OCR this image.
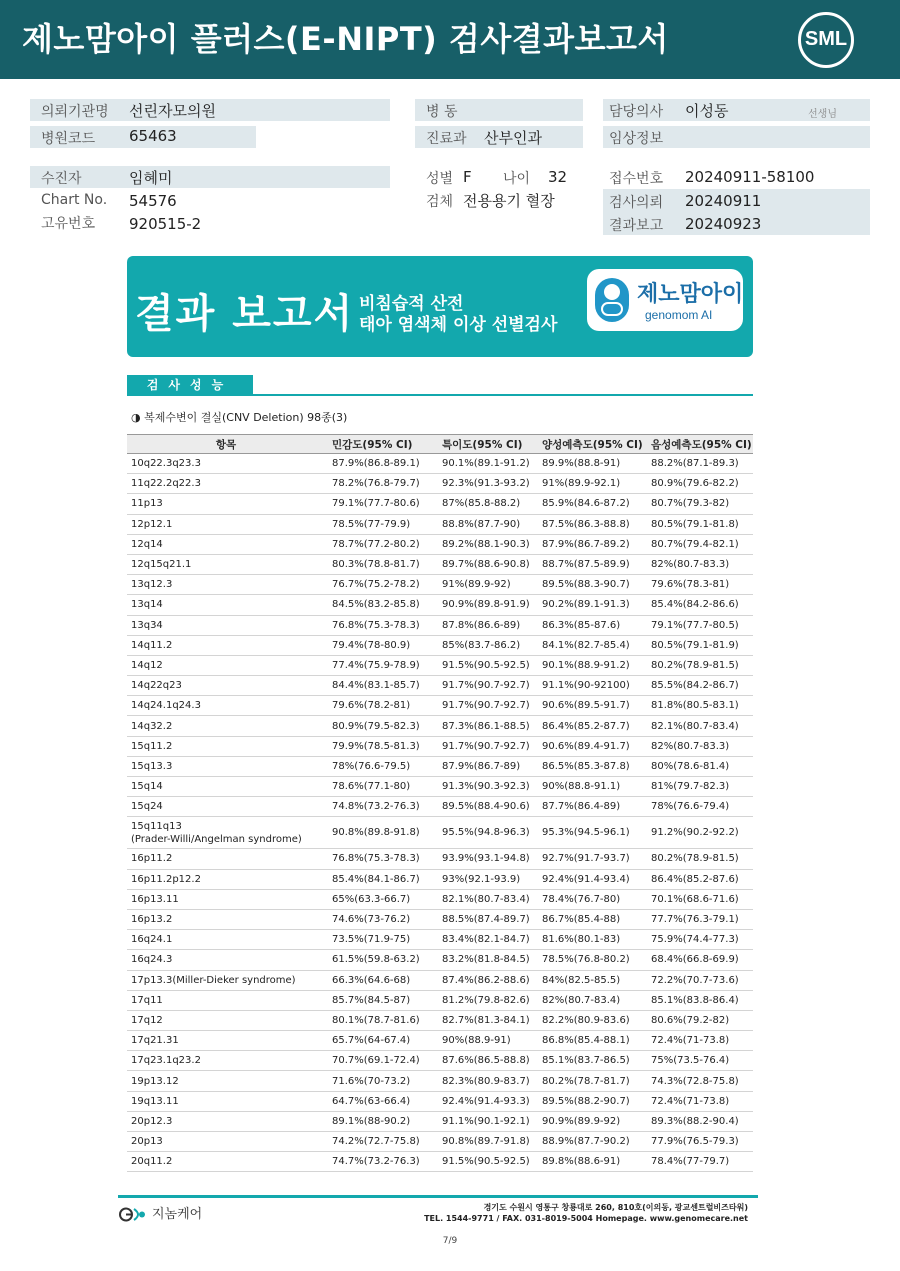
제노맘아이 플러스(E-NIPT) 검사결과보고서	SML
의뢰기관명 선린자모의원	병 동	담당의사 이성동	선생님
병원코드 65463	진료과 산부인과	임상정보
수진자	임혜미
Chart No. 54576
고유번호 920515-2
성별 F 나이 32
검체 전용용기 혈장
접수번호 20240911-58100
검사의뢰 20240911
결과보고 20240923
결과 보고서 비침습적 산전
태아 염색체 이상 선별검사
제노맘아이
genomom AI
검사성능
◑ 복제수변이 결실(CNV Deletion) 98종(3)
항목	민감도(95% CI)	특이도(95% CI)	양성예측도(95% CI) 음성예측도(95% CI)
10q22.3q23.3	87.9%(86.8-89.1)	90.1%(89.1-91.2)	89.9%(88.8-91)	88.2%(87.1-89.3)
11q22.2q22.3	78.2%(76.8-79.7)	92.3%(91.3-93.2)	91%(89.9-92.1)	80.9%(79.6-82.2)
11p13	79.1%(77.7-80.6)	87%(85.8-88.2)	85.9%(84.6-87.2)	80.7%(79.3-82)
12p12.1	78.5%(77-79.9)	88.8%(87.7-90)	87.5%(86.3-88.8)	80.5%(79.1-81.8)
12q14	78.7%(77.2-80.2)	89.2%(88.1-90.3)	87.9%(86.7-89.2)	80.7%(79.4-82.1)
12q15q21.1	80.3%(78.8-81.7)	89.7%(88.6-90.8)	88.7%(87.5-89.9)	82%(80.7-83.3)
13q12.3	76.7%(75.2-78.2)	91%(89.9-92)	89.5%(88.3-90.7)	79.6%(78.3-81)
13q14	84.5%(83.2-85.8)	90.9%(89.8-91.9)	90.2%(89.1-91.3)	85.4%(84.2-86.6)
13q34	76.8%(75.3-78.3)	87.8%(86.6-89)	86.3%(85-87.6)	79.1%(77.7-80.5)
14q11.2	79.4%(78-80.9)	85%(83.7-86.2)	84.1%(82.7-85.4)	80.5%(79.1-81.9)
14q12	77.4%(75.9-78.9)	91.5%(90.5-92.5)	90.1%(88.9-91.2)	80.2%(78.9-81.5)
14q22q23	84.4%(83.1-85.7)	91.7%(90.7-92.7)	91.1%(90-92100)	85.5%(84.2-86.7)
14q24.1q24.3	79.6%(78.2-81)	91.7%(90.7-92.7)	90.6%(89.5-91.7)	81.8%(80.5-83.1)
14q32.2	80.9%(79.5-82.3)	87.3%(86.1-88.5)	86.4%(85.2-87.7)	82.1%(80.7-83.4)
15q11.2	79.9%(78.5-81.3)	91.7%(90.7-92.7)	90.6%(89.4-91.7)	82%(80.7-83.3)
15q13.3	78%(76.6-79.5)	87.9%(86.7-89)	86.5%(85.3-87.8)	80%(78.6-81.4)
15q14	78.6%(77.1-80)	91.3%(90.3-92.3)	90%(88.8-91.1)	81%(79.7-82.3)
15q24	74.8%(73.2-76.3)	89.5%(88.4-90.6)	87.7%(86.4-89)	78%(76.6-79.4)
15q11q13
(Prader-Willi/Angelman syndrome)
90.8%(89.8-91.8)	95.5%(94.8-96.3)	95.3%(94.5-96.1)	91.2%(90.2-92.2)
16p11.2	76.8%(75.3-78.3)	93.9%(93.1-94.8)	92.7%(91.7-93.7)	80.2%(78.9-81.5)
16p11.2p12.2	85.4%(84.1-86.7)	93%(92.1-93.9)	92.4%(91.4-93.4)	86.4%(85.2-87.6)
16p13.11	65%(63.3-66.7)	82.1%(80.7-83.4)	78.4%(76.7-80)	70.1%(68.6-71.6)
16p13.2	74.6%(73-76.2)	88.5%(87.4-89.7)	86.7%(85.4-88)	77.7%(76.3-79.1)
16q24.1	73.5%(71.9-75)	83.4%(82.1-84.7)	81.6%(80.1-83)	75.9%(74.4-77.3)
16q24.3	61.5%(59.8-63.2)	83.2%(81.8-84.5)	78.5%(76.8-80.2)	68.4%(66.8-69.9)
17p13.3(Miller-Dieker syndrome)	66.3%(64.6-68)	87.4%(86.2-88.6)	84%(82.5-85.5)	72.2%(70.7-73.6)
17q11	85.7%(84.5-87)	81.2%(79.8-82.6)	82%(80.7-83.4)	85.1%(83.8-86.4)
17q12	80.1%(78.7-81.6)	82.7%(81.3-84.1)	82.2%(80.9-83.6)	80.6%(79.2-82)
17q21.31	65.7%(64-67.4)	90%(88.9-91)	86.8%(85.4-88.1)	72.4%(71-73.8)
17q23.1q23.2	70.7%(69.1-72.4)	87.6%(86.5-88.8)	85.1%(83.7-86.5)	75%(73.5-76.4)
19p13.12	71.6%(70-73.2)	82.3%(80.9-83.7)	80.2%(78.7-81.7)	74.3%(72.8-75.8)
19q13.11	64.7%(63-66.4)	92.4%(91.4-93.3)	89.5%(88.2-90.7)	72.4%(71-73.8)
20p12.3	89.1%(88-90.2)	91.1%(90.1-92.1)	90.9%(89.9-92)	89.3%(88.2-90.4)
20p13	74.2%(72.7-75.8)	90.8%(89.7-91.8)	88.9%(87.7-90.2)	77.9%(76.5-79.3)
20q11.2	74.7%(73.2-76.3)	91.5%(90.5-92.5)	89.8%(88.6-91)	78.4%(77-79.7)
지놈케어	경기도 수원시 영통구 창룡대로 260, 810호(이의동, 광교센트럴비즈타워)
TEL. 1544-9771 / FAX. 031-8019-5004 Homepage. www.genomecare.net
7/9
